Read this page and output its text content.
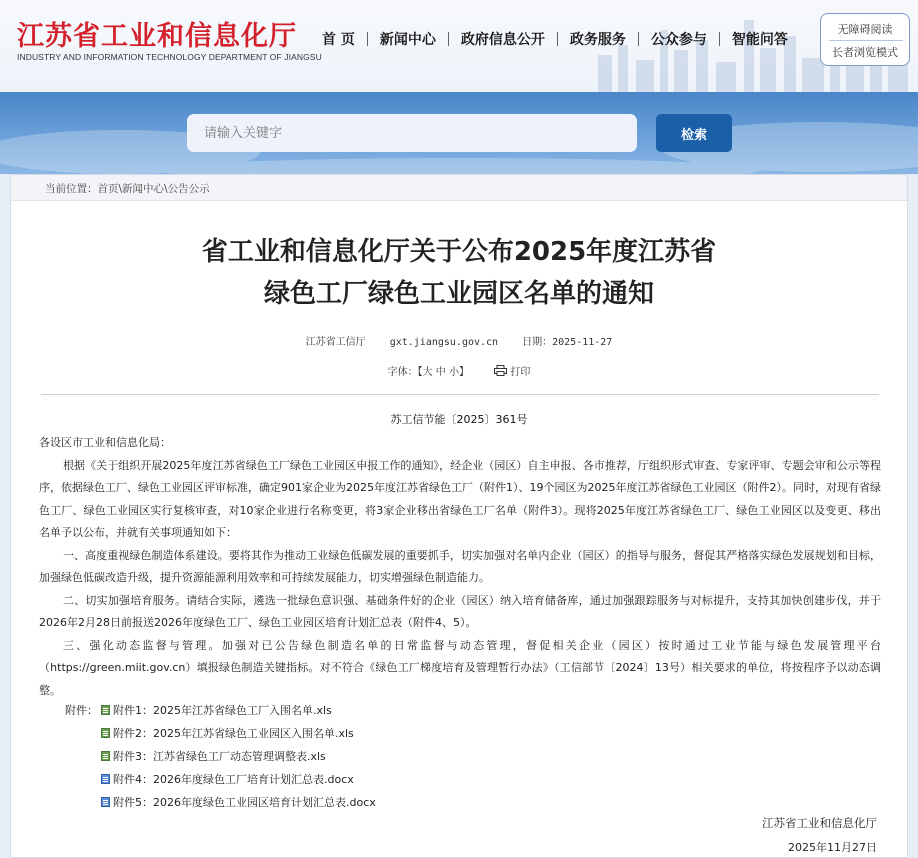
江苏省工业和信息化厅
INDUSTRY AND INFORMATION TECHNOLOGY DEPARTMENT OF JIANGSU
首 页	新闻中心	政府信息公开	政务服务	公众参与	智能问答
无障碍阅读
长者浏览模式
请输入关键字
检索
当前位置：首页\新闻中心\公告公示
省工业和信息化厅关于公布2025年度江苏省
绿色工厂绿色工业园区名单的通知
江苏省工信厅 gxt.jiangsu.gov.cn 日期：2025-11-27
字体：【大 中 小】	打印
苏工信节能〔2025〕361号

各设区市工业和信息化局：

根据《关于组织开展2025年度江苏省绿色工厂绿色工业园区申报工作的通知》，经企业（园区）自主申报、各市推荐，厅组织形式审查、专家评审、专题会审和公示等程序，依据绿色工厂、绿色工业园区评审标准，确定901家企业为2025年度江苏省绿色工厂（附件1）、19个园区为2025年度江苏省绿色工业园区（附件2）。同时，对现有省绿色工厂、绿色工业园区实行复核审查，对10家企业进行名称变更，将3家企业移出省绿色工厂名单（附件3）。现将2025年度江苏省绿色工厂、绿色工业园区以及变更、移出名单予以公布，并就有关事项通知如下：

一、高度重视绿色制造体系建设。要将其作为推动工业绿色低碳发展的重要抓手，切实加强对名单内企业（园区）的指导与服务，督促其严格落实绿色发展规划和目标，加强绿色低碳改造升级，提升资源能源利用效率和可持续发展能力，切实增强绿色制造能力。

二、切实加强培育服务。请结合实际，遴选一批绿色意识强、基础条件好的企业（园区）纳入培育储备库，通过加强跟踪服务与对标提升，支持其加快创建步伐，并于2026年2月28日前报送2026年度绿色工厂、绿色工业园区培育计划汇总表（附件4、5）。

三、强化动态监督与管理。加强对已公告绿色制造名单的日常监督与动态管理，督促相关企业（园区）按时通过工业节能与绿色发展管理平台（https://green.miit.gov.cn）填报绿色制造关键指标。对不符合《绿色工厂梯度培育及管理暂行办法》（工信部节〔2024〕13号）相关要求的单位，将按程序予以动态调整。

附件： 附件1：2025年江苏省绿色工厂入围名单.xls
附件2：2025年江苏省绿色工业园区入围名单.xls
附件3：江苏省绿色工厂动态管理调整表.xls
附件4：2026年度绿色工厂培育计划汇总表.docx
附件5：2026年度绿色工业园区培育计划汇总表.docx
江苏省工业和信息化厅
2025年11月27日
